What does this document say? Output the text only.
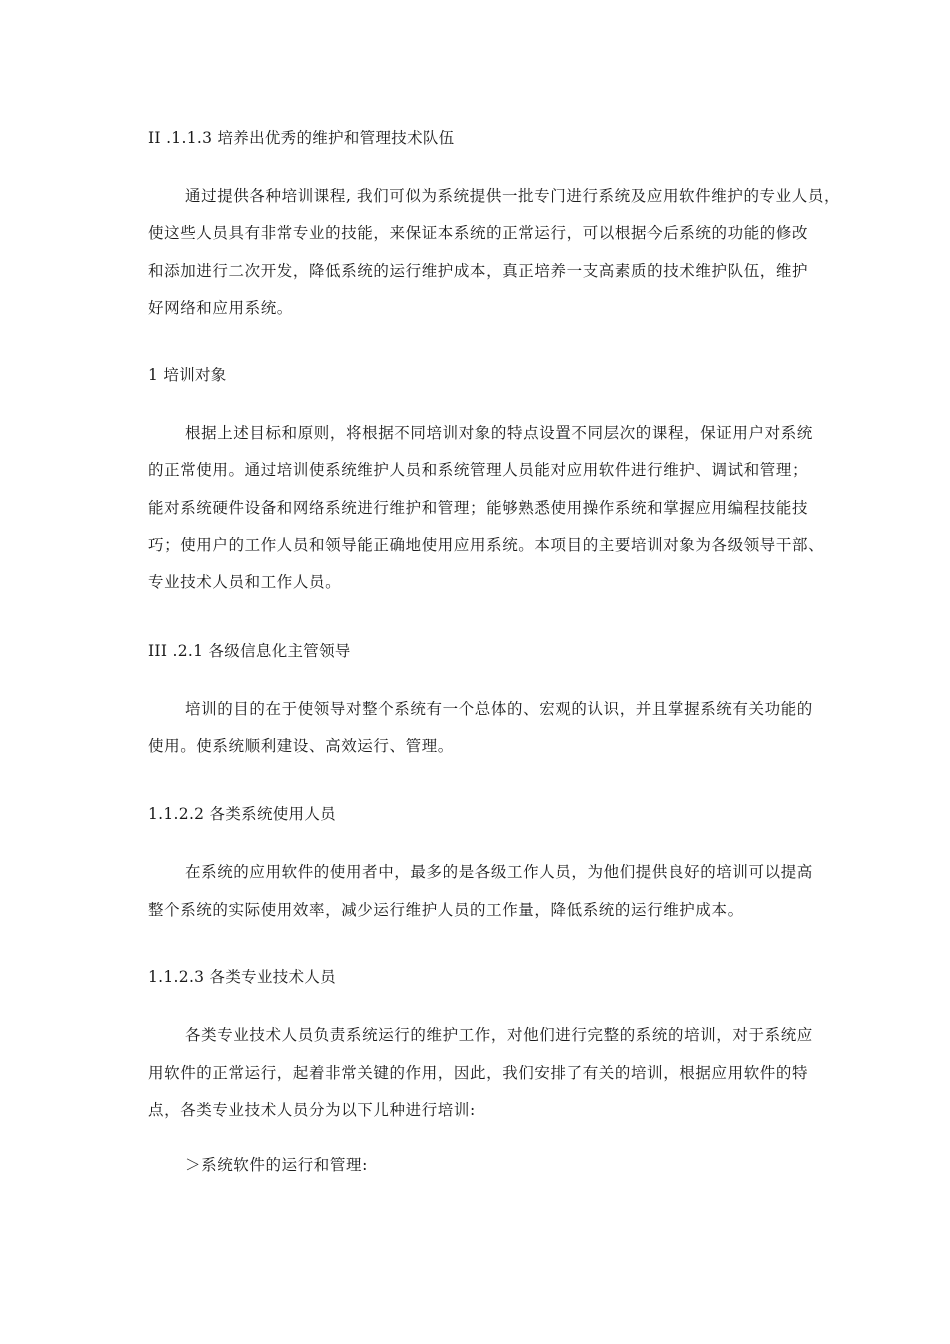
II .1.1.3 培养出优秀的维护和管理技术队伍
通过提供各种培训课程, 我们可似为系统提供一批专门进行系统及应用软件维护的专业人员，
使这些人员具有非常专业的技能，来保证本系统的正常运行，可以根据今后系统的功能的修改
和添加进行二次开发，降低系统的运行维护成本，真正培养一支高素质的技术维护队伍，维护
好网络和应用系统。
1 培训对象
根据上述目标和原则，将根据不同培训对象的特点设置不同层次的课程，保证用户对系统
的正常使用。通过培训使系统维护人员和系统管理人员能对应用软件进行维护、调试和管理；
能对系统硬件设备和网络系统进行维护和管理；能够熟悉使用操作系统和掌握应用编程技能技
巧；使用户的工作人员和领导能正确地使用应用系统。本项目的主要培训对象为各级领导干部、
专业技术人员和工作人员。
III .2.1 各级信息化主管领导
培训的目的在于使领导对整个系统有一个总体的、宏观的认识，并且掌握系统有关功能的
使用。使系统顺利建设、高效运行、管理。
1.1.2.2 各类系统使用人员
在系统的应用软件的使用者中，最多的是各级工作人员，为他们提供良好的培训可以提高
整个系统的实际使用效率，减少运行维护人员的工作量，降低系统的运行维护成本。
1.1.2.3 各类专业技术人员
各类专业技术人员负责系统运行的维护工作，对他们进行完整的系统的培训，对于系统应
用软件的正常运行，起着非常关键的作用，因此，我们安排了有关的培训，根据应用软件的特
点，各类专业技术人员分为以下儿种进行培训:
＞系统软件的运行和管理:
